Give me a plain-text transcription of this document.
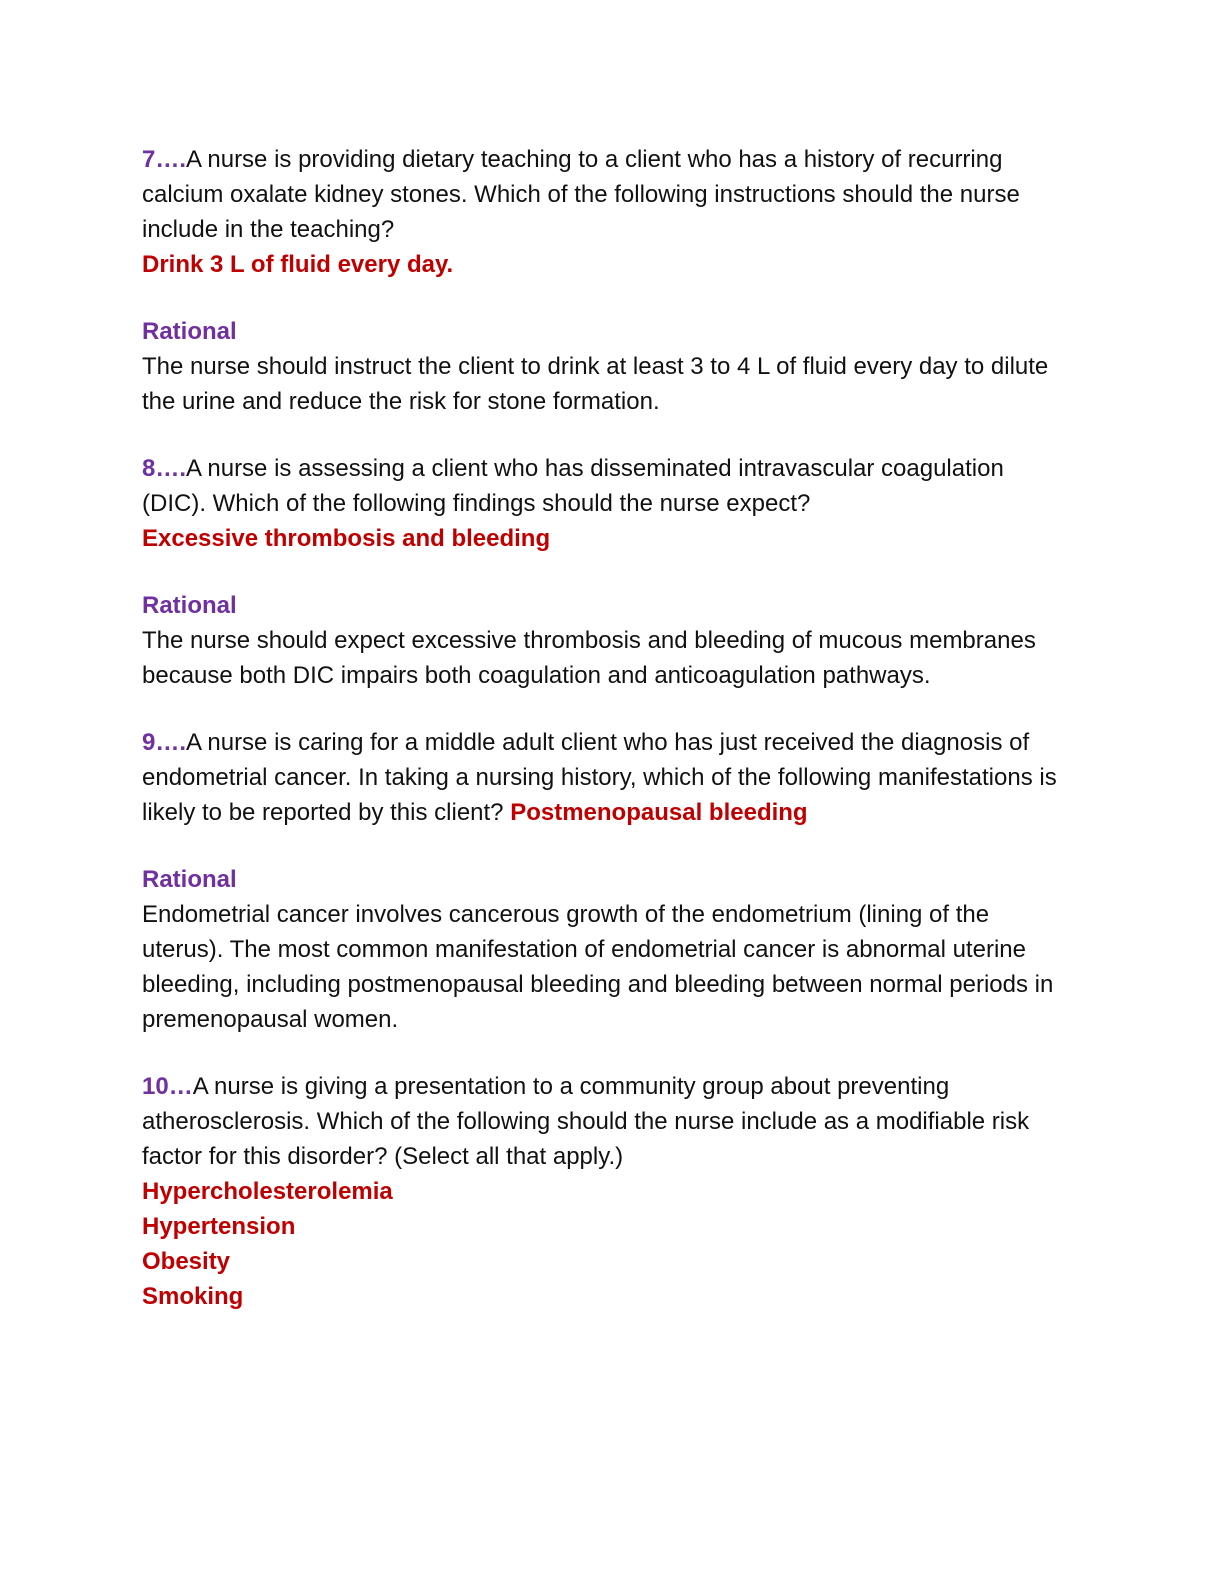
7….A nurse is providing dietary teaching to a client who has a history of recurring calcium oxalate kidney stones. Which of the following instructions should the nurse include in the teaching?
Drink 3 L of fluid every day.
Rational
The nurse should instruct the client to drink at least 3 to 4 L of fluid every day to dilute the urine and reduce the risk for stone formation.
8….A nurse is assessing a client who has disseminated intravascular coagulation (DIC). Which of the following findings should the nurse expect?
Excessive thrombosis and bleeding
Rational
The nurse should expect excessive thrombosis and bleeding of mucous membranes because both DIC impairs both coagulation and anticoagulation pathways.
9….A nurse is caring for a middle adult client who has just received the diagnosis of endometrial cancer. In taking a nursing history, which of the following manifestations is likely to be reported by this client? Postmenopausal bleeding
Rational
Endometrial cancer involves cancerous growth of the endometrium (lining of the uterus). The most common manifestation of endometrial cancer is abnormal uterine bleeding, including postmenopausal bleeding and bleeding between normal periods in premenopausal women.
10…A nurse is giving a presentation to a community group about preventing atherosclerosis. Which of the following should the nurse include as a modifiable risk factor for this disorder? (Select all that apply.)
Hypercholesterolemia
Hypertension
Obesity
Smoking
